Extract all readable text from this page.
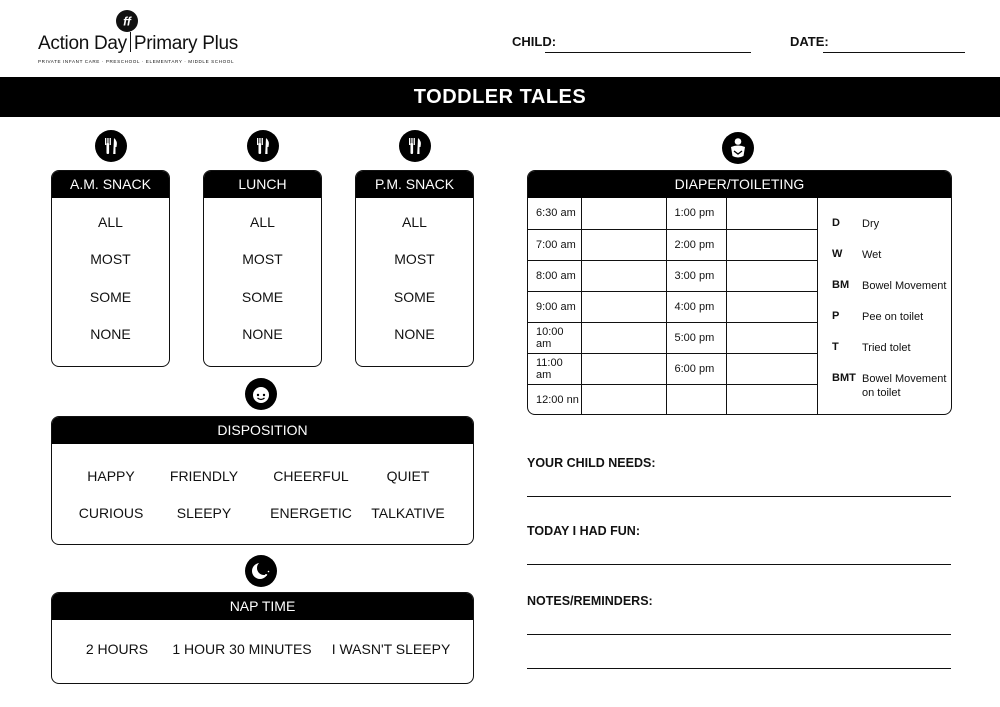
ff
Action Day Primary Plus
PRIVATE INFANT CARE · PRESCHOOL · ELEMENTARY · MIDDLE SCHOOL
CHILD:	DATE:
TODDLER TALES
A.M. SNACK
ALL
MOST
SOME
NONE
LUNCH
ALL
MOST
SOME
NONE
P.M. SNACK
ALL
MOST
SOME
NONE
DISPOSITION
HAPPY	FRIENDLY	CHEERFUL	QUIET
CURIOUS	SLEEPY	ENERGETIC TALKATIVE
NAP TIME
2 HOURS	1 HOUR 30 MINUTES I WASN'T SLEEPY
DIAPER/TOILETING
6:30 am		1:00 pm	
7:00 am		2:00 pm	
8:00 am		3:00 pm	
9:00 am		4:00 pm	
10:00 am		5:00 pm	
11:00 am		6:00 pm	
12:00 nn			
D Dry
W Wet
BM Bowel Movement
P Pee on toilet
T Tried tolet
BMT Bowel Movement on toilet
YOUR CHILD NEEDS:
TODAY I HAD FUN:
NOTES/REMINDERS:
